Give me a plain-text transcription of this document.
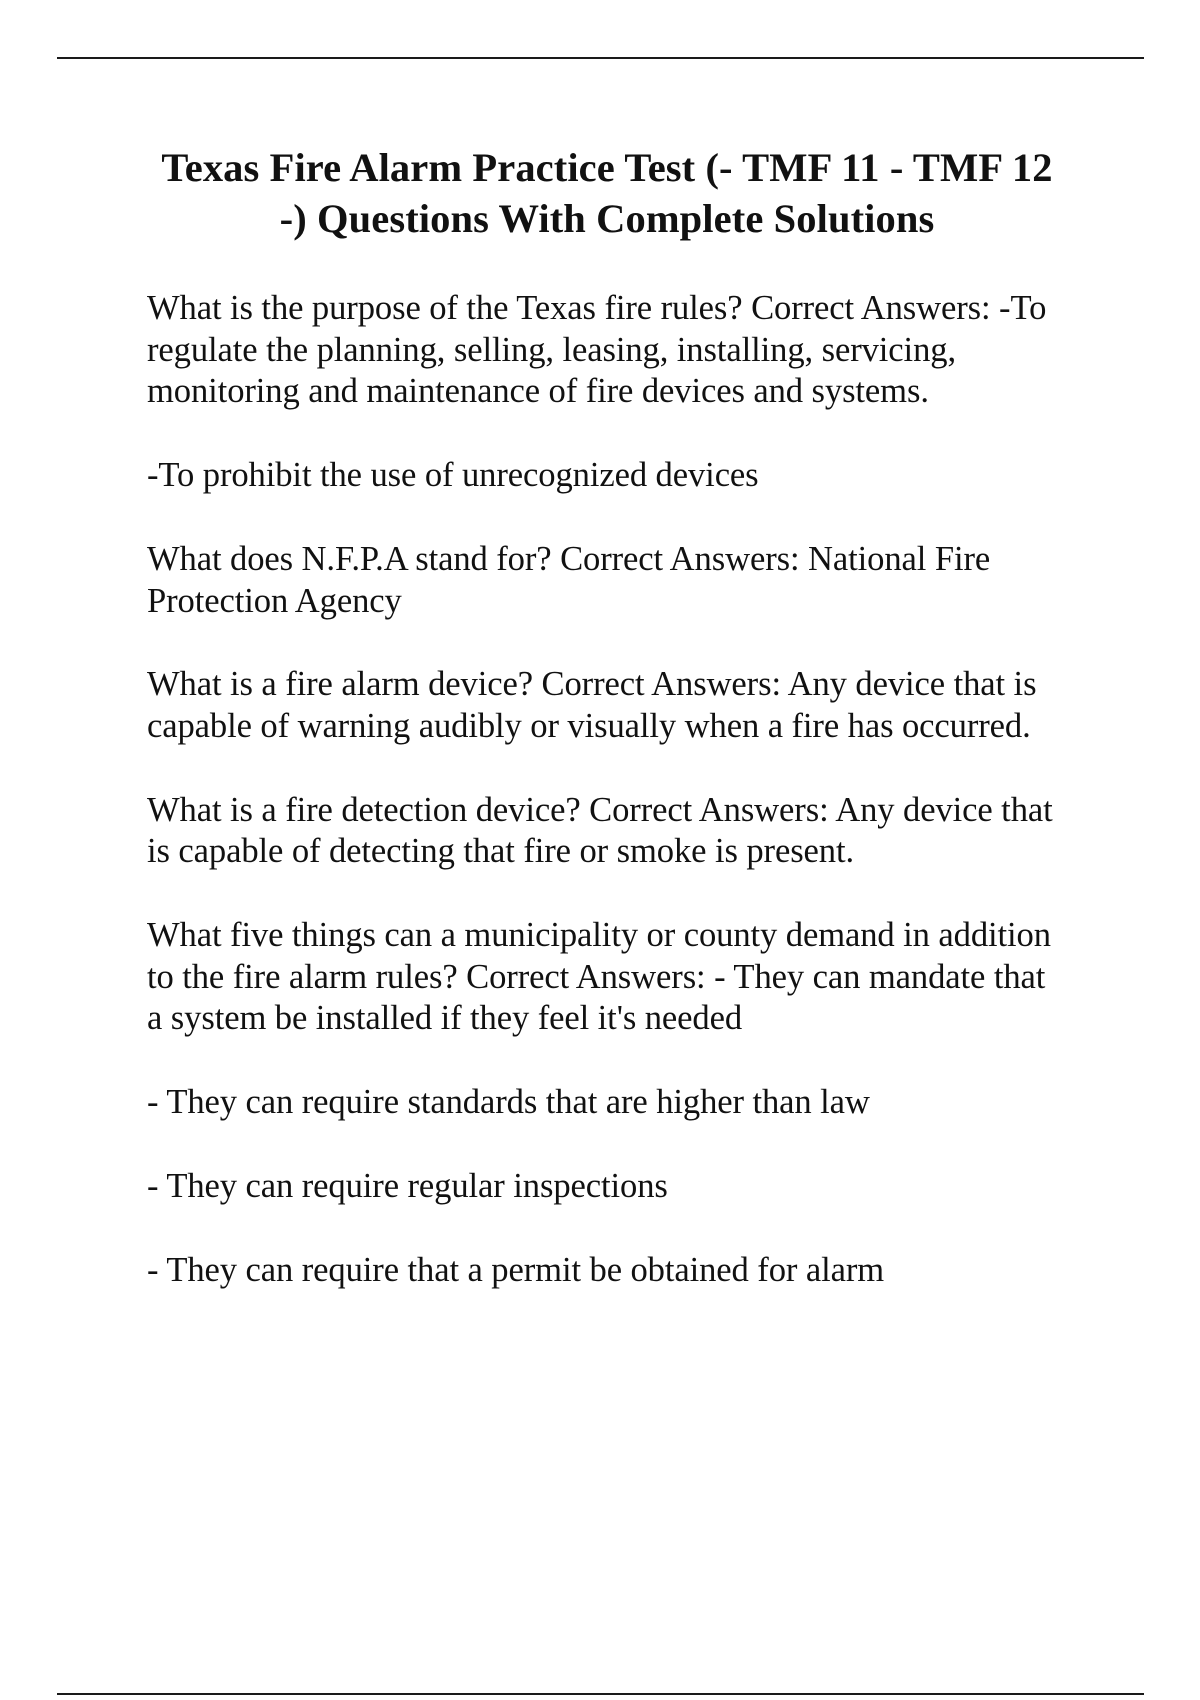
Texas Fire Alarm Practice Test (- TMF 11 - TMF 12 -) Questions With Complete Solutions

What is the purpose of the Texas fire rules? Correct Answers: -To regulate the planning, selling, leasing, installing, servicing, monitoring and maintenance of fire devices and systems.

-To prohibit the use of unrecognized devices

What does N.F.P.A stand for? Correct Answers: National Fire Protection Agency

What is a fire alarm device? Correct Answers: Any device that is capable of warning audibly or visually when a fire has occurred.

What is a fire detection device? Correct Answers: Any device that is capable of detecting that fire or smoke is present.

What five things can a municipality or county demand in addition to the fire alarm rules? Correct Answers: - They can mandate that a system be installed if they feel it's needed

- They can require standards that are higher than law

- They can require regular inspections

- They can require that a permit be obtained for alarm
